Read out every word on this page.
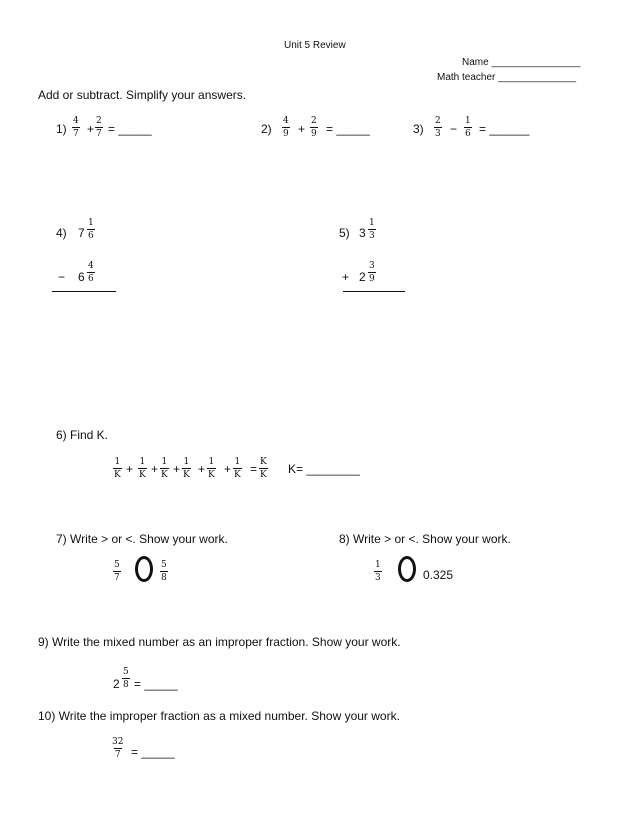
Unit 5 Review
Name ________________
Math teacher ______________
Add or subtract. Simplify your answers.
$1) \frac{4}{7} + \frac{2}{7}$ = _____	$2) \frac{4}{9} + \frac{2}{9}$ = _____	$3) \frac{2}{3} - \frac{1}{6}$ = ______
4) $7 \frac{1}{6}$
− $6 \frac{4}{6}$
5) $3 \frac{1}{3}$
+ $2 \frac{3}{9}$
6) Find K.
$\frac{1}{K} + \frac{1}{K} + \frac{1}{K} + \frac{1}{K} + \frac{1}{K} + \frac{1}{K} = \frac{K}{K} K=$ ________
7) Write > or <. Show your work.
$\frac{5}{7}$	$\frac{5}{8}$
8) Write > or <. Show your work.
$\frac{1}{3}$	0.325
9) Write the mixed number as an improper fraction. Show your work.
$2 \frac{5}{8}$ = _____
10) Write the improper fraction as a mixed number. Show your work.
$\frac{32}{7}$ = _____
